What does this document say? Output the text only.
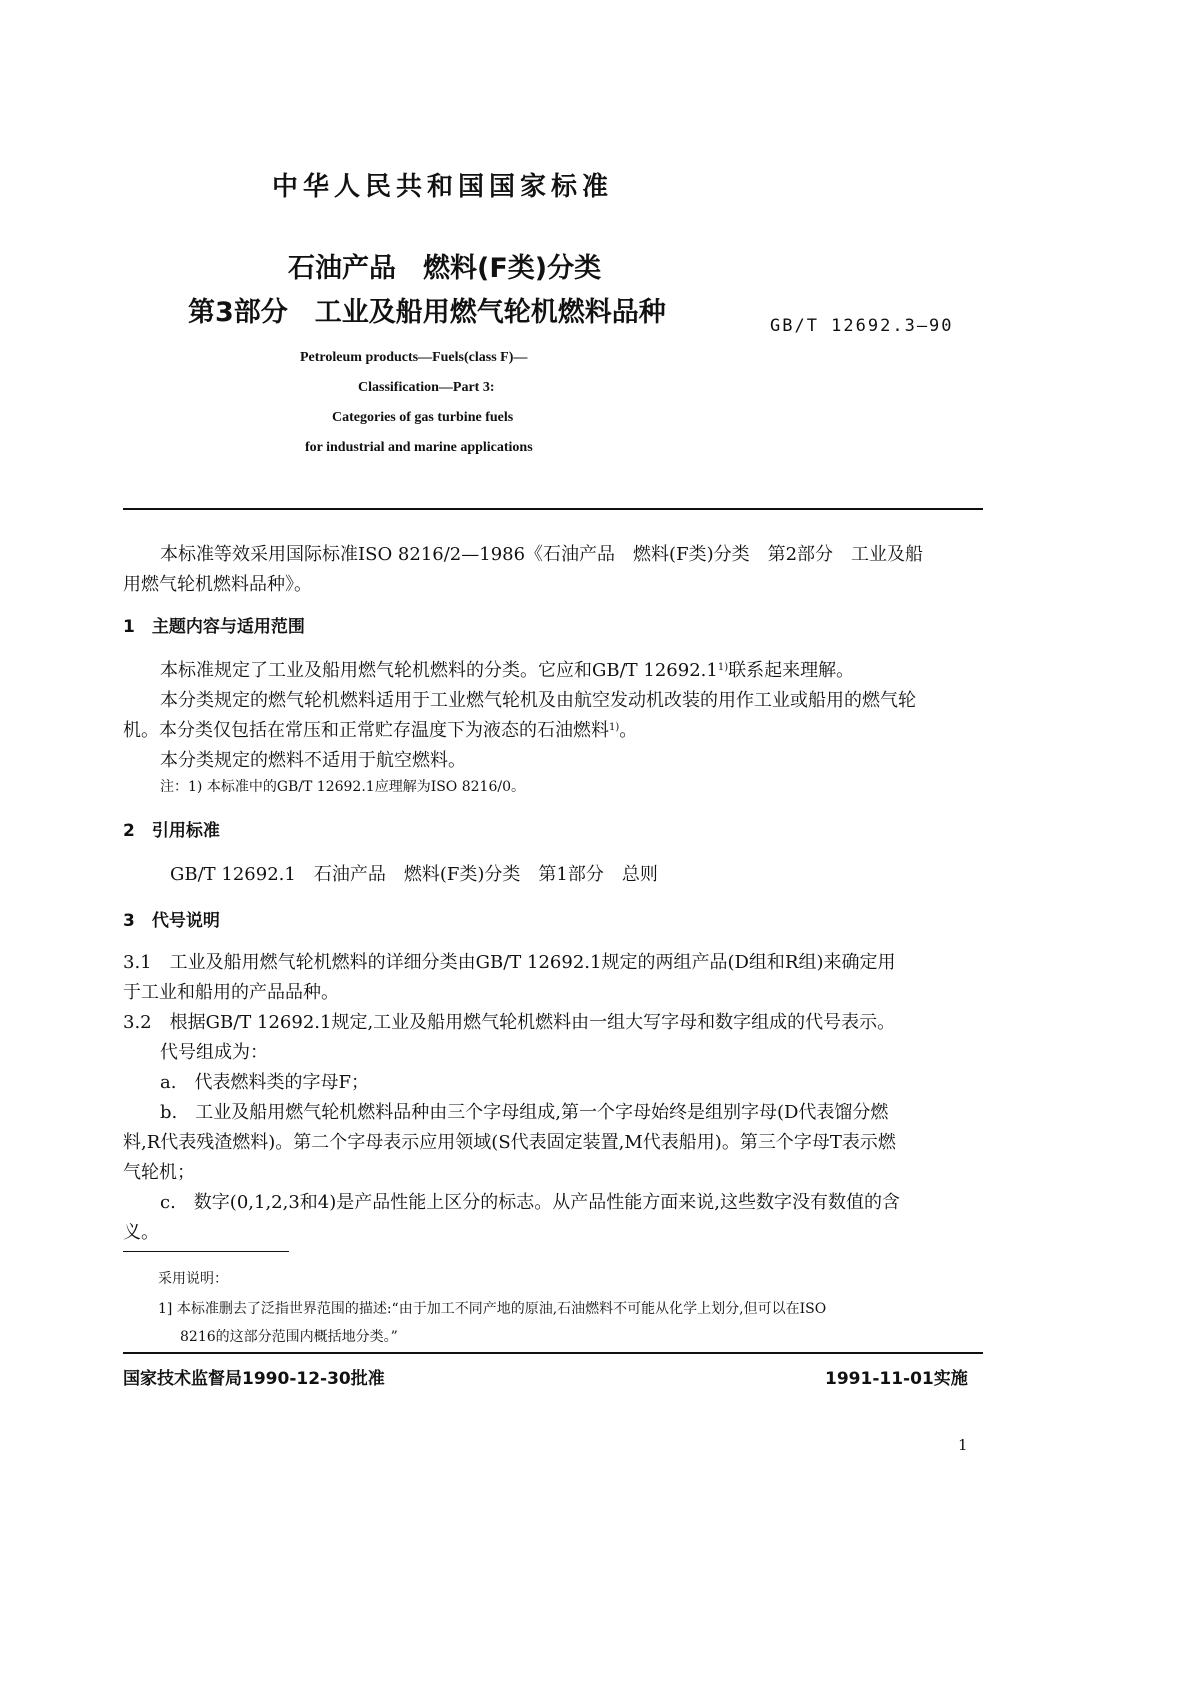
中华人民共和国国家标准
石油产品　燃料(F类)分类
第3部分　工业及船用燃气轮机燃料品种	GB/T 12692.3—90
Petroleum products—Fuels(class F)—
Classification—Part 3:
Categories of gas turbine fuels
for industrial and marine applications
本标准等效采用国际标准ISO 8216/2—1986《石油产品　燃料(F类)分类　第2部分　工业及船
用燃气轮机燃料品种》。
1　主题内容与适用范围
本标准规定了工业及船用燃气轮机燃料的分类。它应和GB/T 12692.1$^{1)}$联系起来理解。
本分类规定的燃气轮机燃料适用于工业燃气轮机及由航空发动机改装的用作工业或船用的燃气轮
机。本分类仅包括在常压和正常贮存温度下为液态的石油燃料$^{1)}$。
本分类规定的燃料不适用于航空燃料。
注：1) 本标准中的GB/T 12692.1应理解为ISO 8216/0。
2　引用标准
GB/T 12692.1　石油产品　燃料(F类)分类　第1部分　总则
3　代号说明
3.1　工业及船用燃气轮机燃料的详细分类由GB/T 12692.1规定的两组产品(D组和R组)来确定用
于工业和船用的产品品种。
3.2　根据GB/T 12692.1规定,工业及船用燃气轮机燃料由一组大写字母和数字组成的代号表示。
代号组成为：
a.　代表燃料类的字母F；
b.　工业及船用燃气轮机燃料品种由三个字母组成,第一个字母始终是组别字母(D代表馏分燃
料,R代表残渣燃料)。第二个字母表示应用领域(S代表固定装置,M代表船用)。第三个字母T表示燃
气轮机；
c.　数字(0,1,2,3和4)是产品性能上区分的标志。从产品性能方面来说,这些数字没有数值的含
义。
采用说明：
1] 本标准删去了泛指世界范围的描述:“由于加工不同产地的原油,石油燃料不可能从化学上划分,但可以在ISO
8216的这部分范围内概括地分类。”
国家技术监督局1990-12-30批准	1991-11-01实施
1
